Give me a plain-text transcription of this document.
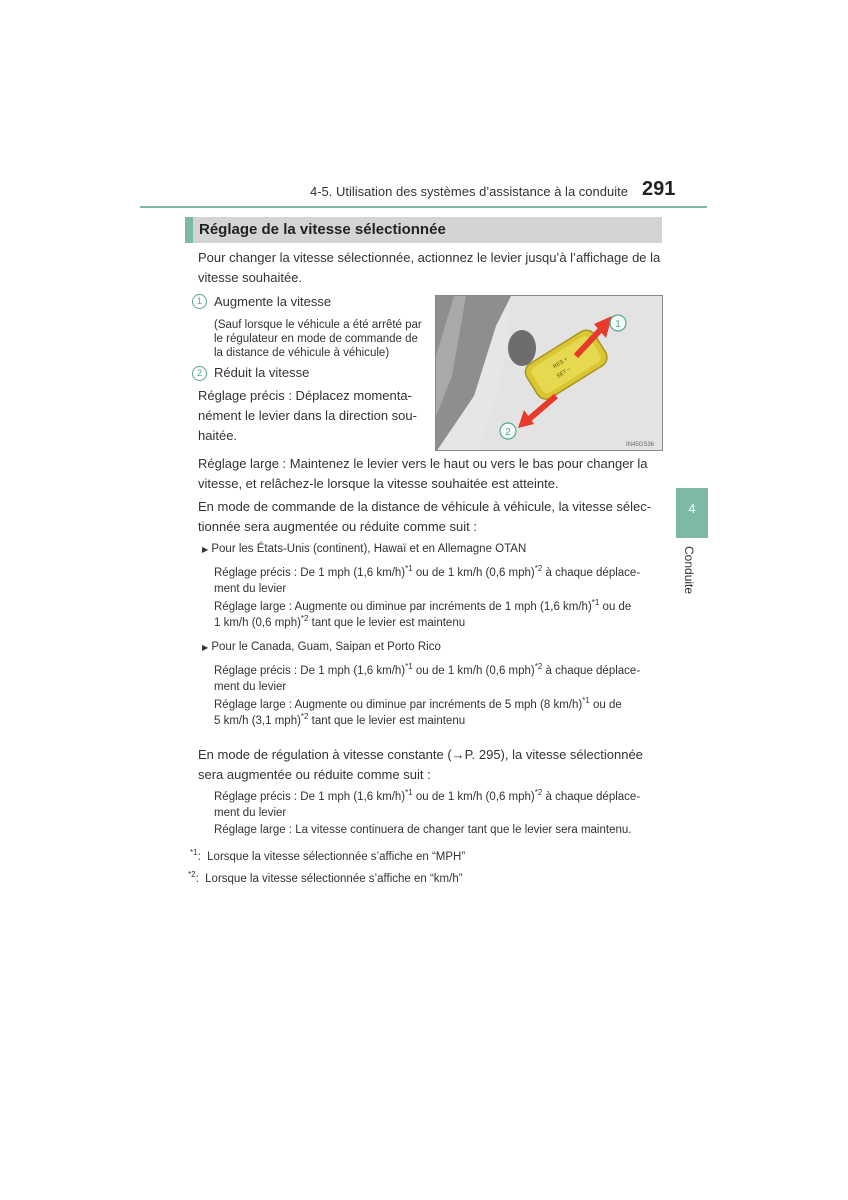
4-5. Utilisation des systèmes d’assistance à la conduite 291
4
Conduite
Réglage de la vitesse sélectionnée
Pour changer la vitesse sélectionnée, actionnez le levier jusqu’à l’affichage de la
vitesse souhaitée.
1 Augmente la vitesse
(Sauf lorsque le véhicule a été arrêté par
le régulateur en mode de commande de
la distance de véhicule à véhicule)
2 Réduit la vitesse
Réglage précis : Déplacez momenta-
nément le levier dans la direction sou-
haitée.
RES +
SET −
1
2
IN45GS36
Réglage large : Maintenez le levier vers le haut ou vers le bas pour changer la
vitesse, et relâchez-le lorsque la vitesse souhaitée est atteinte.
En mode de commande de la distance de véhicule à véhicule, la vitesse sélec-
tionnée sera augmentée ou réduite comme suit :
▶ Pour les États-Unis (continent), Hawaï et en Allemagne OTAN
Réglage précis : De 1 mph (1,6 km/h)$^{*1}$ ou de 1 km/h (0,6 mph)$^{*2}$ à chaque déplace-
ment du levier
Réglage large : Augmente ou diminue par incréments de 1 mph (1,6 km/h)$^{*1}$ ou de
1 km/h (0,6 mph)$^{*2}$ tant que le levier est maintenu
▶ Pour le Canada, Guam, Saipan et Porto Rico
Réglage précis : De 1 mph (1,6 km/h)$^{*1}$ ou de 1 km/h (0,6 mph)$^{*2}$ à chaque déplace-
ment du levier
Réglage large : Augmente ou diminue par incréments de 5 mph (8 km/h)$^{*1}$ ou de
5 km/h (3,1 mph)$^{*2}$ tant que le levier est maintenu
En mode de régulation à vitesse constante (→P. 295), la vitesse sélectionnée
sera augmentée ou réduite comme suit :
Réglage précis : De 1 mph (1,6 km/h)$^{*1}$ ou de 1 km/h (0,6 mph)$^{*2}$ à chaque déplace-
ment du levier
Réglage large : La vitesse continuera de changer tant que le levier sera maintenu.
$^{*1}$: Lorsque la vitesse sélectionnée s’affiche en “MPH”
$^{*2}$: Lorsque la vitesse sélectionnée s’affiche en “km/h”
